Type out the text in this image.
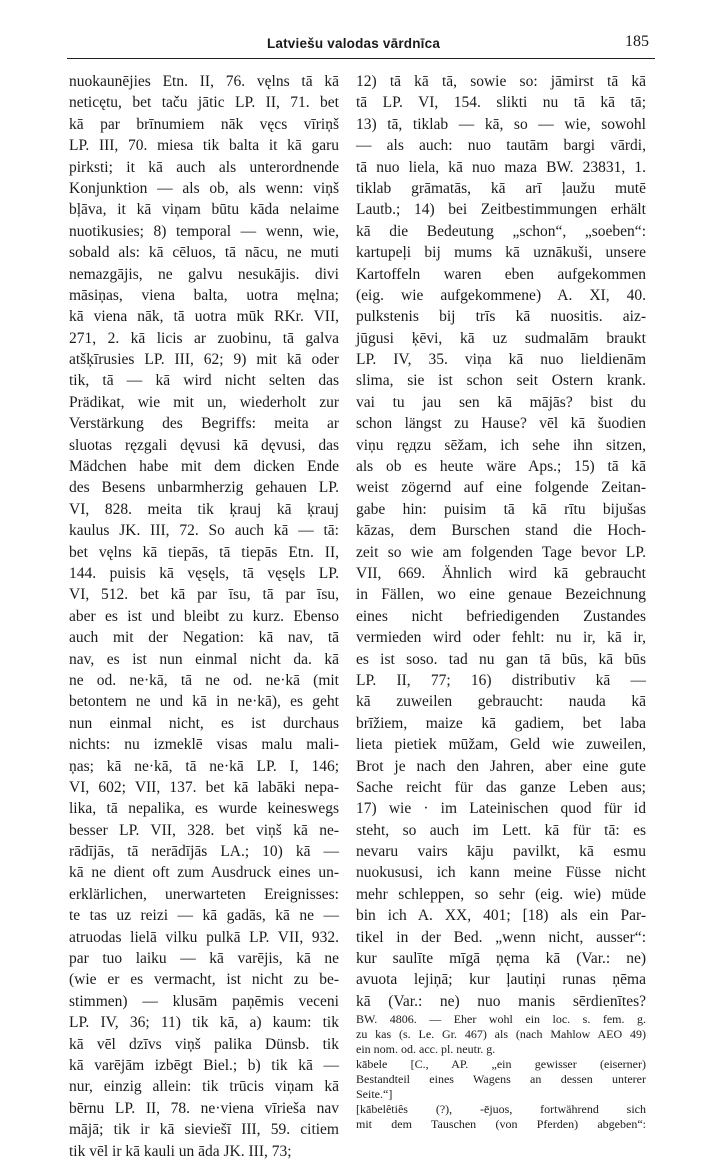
Latviešu valodas vārdnīca	185
nuokaunējies Etn. II, 76. vęlns tā kā
neticętu, bet taču jātic LP. II, 71. bet
kā par brīnumiem nāk vęcs vīriņš
LP. III, 70. miesa tik balta it kā garu
pirksti; it kā auch als unterordnende
Konjunktion — als ob, als wenn: viņš
bļāva, it kā viņam būtu kāda nelaime
nuotikusies; 8) temporal — wenn, wie,
sobald als: kā cēluos, tā nācu, ne muti
nemazgājis, ne galvu nesukājis. divi
māsiņas, viena balta, uotra męlna;
kā viena nāk, tā uotra mūk RKr. VII,
271, 2. kā licis ar zuobinu, tā galva
atšķīrusies LP. III, 62; 9) mit kā oder
tik, tā — kā wird nicht selten das
Prädikat, wie mit un, wiederholt zur
Verstärkung des Begriffs: meita ar
sluotas ręzgali dęvusi kā dęvusi, das
Mädchen habe mit dem dicken Ende
des Besens unbarmherzig gehauen LP.
VI, 828. meita tik ķrauj kā ķrauj
kaulus JK. III, 72. So auch kā — tā:
bet vęlns kā tiepās, tā tiepās Etn. II,
144. puisis kā vęsęls, tā vęsęls LP.
VI, 512. bet kā par īsu, tā par īsu,
aber es ist und bleibt zu kurz. Ebenso
auch mit der Negation: kā nav, tā
nav, es ist nun einmal nicht da. kā
ne od. ne·kā, tā ne od. ne·kā (mit
betontem ne und kā in ne·kā), es geht
nun einmal nicht, es ist durchaus
nichts: nu izmeklē visas malu mali-
ņas; kā ne·kā, tā ne·kā LP. I, 146;
VI, 602; VII, 137. bet kā labāki nepa-
lika, tā nepalika, es wurde keineswegs
besser LP. VII, 328. bet viņš kā ne-
rādījās, tā nerādījās LA.; 10) kā —
kā ne dient oft zum Ausdruck eines un-
erklärlichen, unerwarteten Ereignisses:
te tas uz reizi — kā gadās, kā ne —
atruodas lielā vilku pulkā LP. VII, 932.
par tuo laiku — kā varējis, kā ne
(wie er es vermacht, ist nicht zu be-
stimmen) — klusām paņēmis veceni
LP. IV, 36; 11) tik kā, a) kaum: tik
kā vēl dzīvs viņš palika Dünsb. tik
kā varējām izbēgt Biel.; b) tik kā —
nur, einzig allein: tik trūcis viņam kā
bērnu LP. II, 78. ne·viena vīrieša nav
mājā; tik ir kā sieviešī III, 59. citiem
tik vēl ir kā kauli un āda JK. III, 73;
12) tā kā tā, sowie so: jāmirst tā kā
tā LP. VI, 154. slikti nu tā kā tā;
13) tā, tiklab — kā, so — wie, sowohl
— als auch: nuo tautām bargi vārdi,
tā nuo liela, kā nuo maza BW. 23831, 1.
tiklab grāmatās, kā arī ļaužu mutē
Lautb.; 14) bei Zeitbestimmungen erhält
kā die Bedeutung „schon“, „soeben“:
kartupeļi bij mums kā uznākuši, unsere
Kartoffeln waren eben aufgekommen
(eig. wie aufgekommene) A. XI, 40.
pulkstenis bij trīs kā nuositis. aiz-
jūgusi ķēvi, kā uz sudmalām braukt
LP. IV, 35. viņa kā nuo lieldienām
slima, sie ist schon seit Ostern krank.
vai tu jau sen kā mājās? bist du
schon längst zu Hause? vēl kā šuodien
viņu ręдzu sēžam, ich sehe ihn sitzen,
als ob es heute wäre Aps.; 15) tā kā
weist zögernd auf eine folgende Zeitan-
gabe hin: puisim tā kā rītu bijušas
kāzas, dem Burschen stand die Hoch-
zeit so wie am folgenden Tage bevor LP.
VII, 669. Ähnlich wird kā gebraucht
in Fällen, wo eine genaue Bezeichnung
eines nicht befriedigenden Zustandes
vermieden wird oder fehlt: nu ir, kā ir,
es ist soso. tad nu gan tā būs, kā būs
LP. II, 77; 16) distributiv kā —
kā zuweilen gebraucht: nauda kā
brīžiem, maize kā gadiem, bet laba
lieta pietiek mūžam, Geld wie zuweilen,
Brot je nach den Jahren, aber eine gute
Sache reicht für das ganze Leben aus;
17) wie · im Lateinischen quod für id
steht, so auch im Lett. kā für tā: es
nevaru vairs kāju pavilkt, kā esmu
nuokususi, ich kann meine Füsse nicht
mehr schleppen, so sehr (eig. wie) müde
bin ich A. XX, 401; [18) als ein Par-
tikel in der Bed. „wenn nicht, ausser“:
kur saulīte mīgā ņęma kā (Var.: ne)
avuota lejiņā; kur ļautiņi runas ņēma
kā (Var.: ne) nuo manis sērdienītes?
BW. 4806. — Eher wohl ein loc. s. fem. g.
zu kas (s. Le. Gr. 467) als (nach Mahlow AEO 49)
ein nom. od. acc. pl. neutr. g.
kābele [C., AP. „ein gewisser (eiserner)
Bestandteil eines Wagens an dessen unterer
Seite.“]
[kābelêtiês (?), -ējuos, fortwährend sich
mit dem Tauschen (von Pferden) abgeben“:
